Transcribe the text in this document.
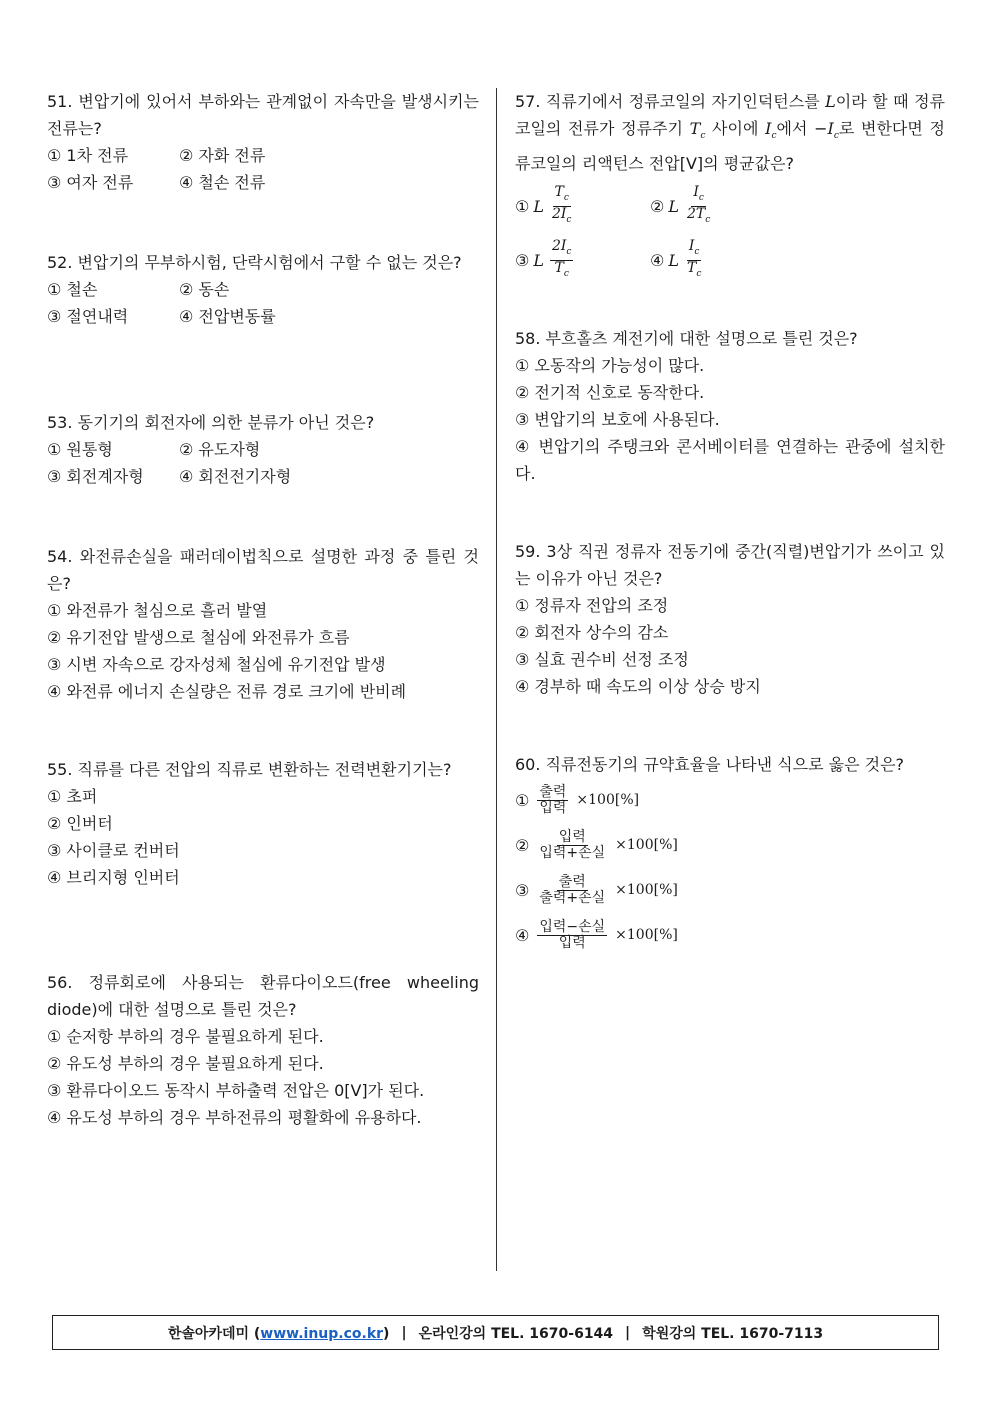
51. 변압기에 있어서 부하와는 관계없이 자속만을 발생시키는 전류는?
① 1차 전류	② 자화 전류
③ 여자 전류	④ 철손 전류
52. 변압기의 무부하시험, 단락시험에서 구할 수 없는 것은?
① 철손	② 동손
③ 절연내력	④ 전압변동률
53. 동기기의 회전자에 의한 분류가 아닌 것은?
① 원통형	② 유도자형
③ 회전계자형	④ 회전전기자형
54. 와전류손실을 패러데이법칙으로 설명한 과정 중 틀린 것은?
① 와전류가 철심으로 흘러 발열
② 유기전압 발생으로 철심에 와전류가 흐름
③ 시변 자속으로 강자성체 철심에 유기전압 발생
④ 와전류 에너지 손실량은 전류 경로 크기에 반비례
55. 직류를 다른 전압의 직류로 변환하는 전력변환기기는?
① 초퍼
② 인버터
③ 사이클로 컨버터
④ 브리지형 인버터
56. 정류회로에 사용되는 환류다이오드(free wheeling diode)에 대한 설명으로 틀린 것은?
① 순저항 부하의 경우 불필요하게 된다.
② 유도성 부하의 경우 불필요하게 된다.
③ 환류다이오드 동작시 부하출력 전압은 0[V]가 된다.
④ 유도성 부하의 경우 부하전류의 평활화에 유용하다.
57. 직류기에서 정류코일의 자기인덕턴스를 L이라 할 때 정류코일의 전류가 정류주기 $T_c$ 사이에 $I_c$에서 $-I_c$로 변한다면 정류코일의 리액턴스 전압[V]의 평균값은?
① L $\frac{T_c}{2I_c}$	② L $\frac{I_c}{2T_c}$
③ L $\frac{2I_c}{T_c}$	④ L $\frac{I_c}{T_c}$
58. 부흐홀츠 계전기에 대한 설명으로 틀린 것은?
① 오동작의 가능성이 많다.
② 전기적 신호로 동작한다.
③ 변압기의 보호에 사용된다.
④ 변압기의 주탱크와 콘서베이터를 연결하는 관중에 설치한다.
59. 3상 직권 정류자 전동기에 중간(직렬)변압기가 쓰이고 있는 이유가 아닌 것은?
① 정류자 전압의 조정
② 회전자 상수의 감소
③ 실효 권수비 선정 조정
④ 경부하 때 속도의 이상 상승 방지
60. 직류전동기의 규약효율을 나타낸 식으로 옳은 것은?
① $\frac{\text{출력}}{\text{입력}} \times 100[\%]$
② $\frac{\text{입력}}{\text{입력+손실}} \times 100[\%]$
③ $\frac{\text{출력}}{\text{출력+손실}} \times 100[\%]$
④ $\frac{\text{입력−손실}}{\text{입력}} \times 100[\%]$
한솔아카데미 (www.inup.co.kr) | 온라인강의 TEL. 1670-6144 | 학원강의 TEL. 1670-7113
